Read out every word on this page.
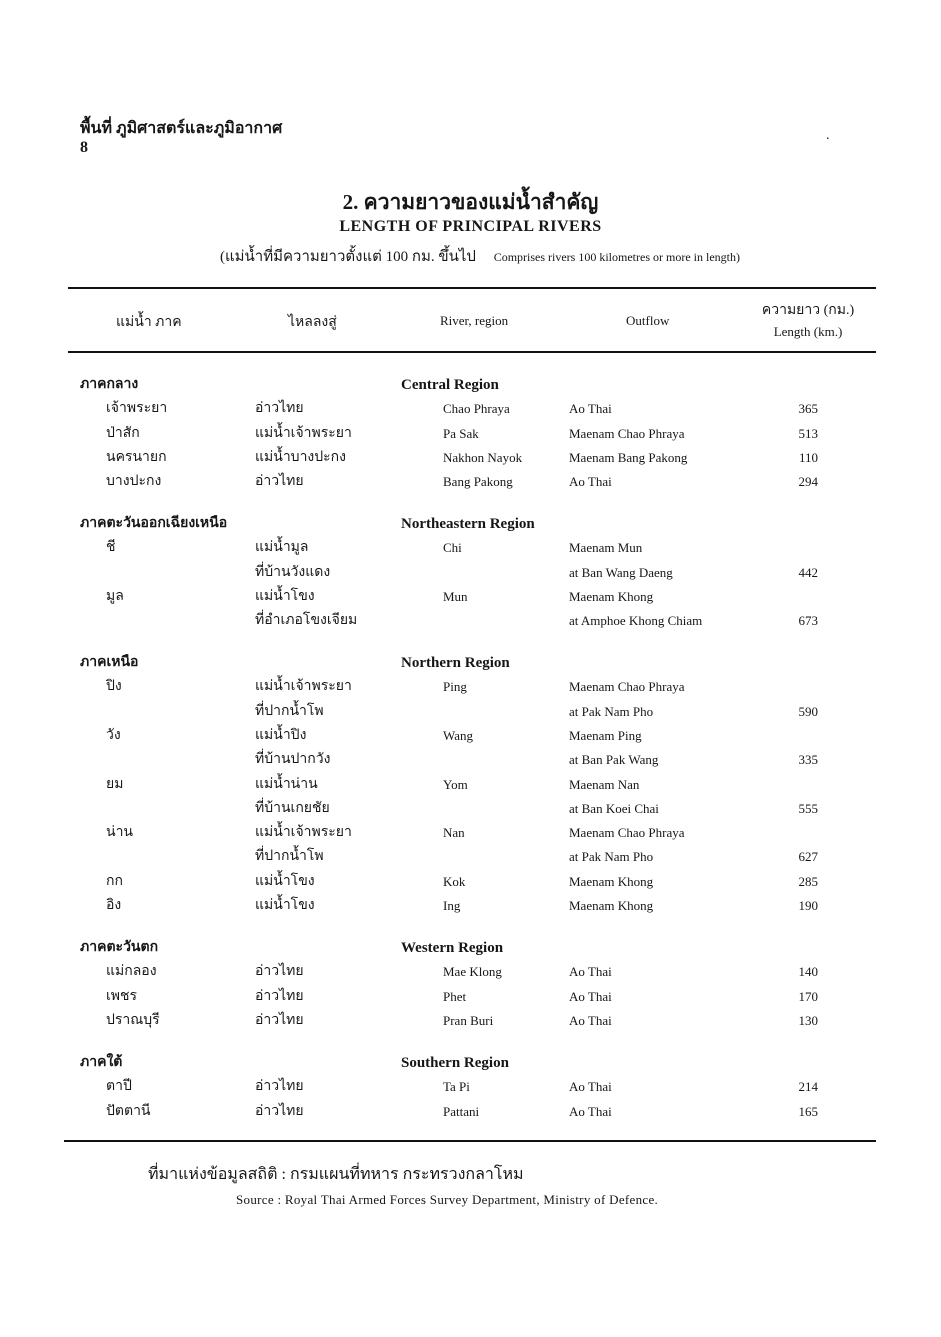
พื้นที่ ภูมิศาสตร์และภูมิอากาศ
8
.
2. ความยาวของแม่น้ำสำคัญ
LENGTH OF PRINCIPAL RIVERS
(แม่น้ำที่มีความยาวตั้งแต่ 100 กม. ขึ้นไป Comprises rivers 100 kilometres or more in length)
แม่น้ำ ภาค	ไหลลงสู่	River, region	Outflow
ความยาว (กม.)
Length (km.)
ภาคกลาง	Central Region
เจ้าพระยา	อ่าวไทย	Chao Phraya	Ao Thai	365
ป่าสัก	แม่น้ำเจ้าพระยา	Pa Sak	Maenam Chao Phraya	513
นครนายก	แม่น้ำบางปะกง	Nakhon Nayok	Maenam Bang Pakong	110
บางปะกง	อ่าวไทย	Bang Pakong	Ao Thai	294
ภาคตะวันออกเฉียงเหนือ	Northeastern Region
ชี	แม่น้ำมูล	Chi	Maenam Mun
ที่บ้านวังแดง	at Ban Wang Daeng	442
มูล	แม่น้ำโขง	Mun	Maenam Khong
ที่อำเภอโขงเจียม	at Amphoe Khong Chiam	673
ภาคเหนือ	Northern Region
ปิง	แม่น้ำเจ้าพระยา	Ping	Maenam Chao Phraya
ที่ปากน้ำโพ	at Pak Nam Pho	590
วัง	แม่น้ำปิง	Wang	Maenam Ping
ที่บ้านปากวัง	at Ban Pak Wang	335
ยม	แม่น้ำน่าน	Yom	Maenam Nan
ที่บ้านเกยชัย	at Ban Koei Chai	555
น่าน	แม่น้ำเจ้าพระยา	Nan	Maenam Chao Phraya
ที่ปากน้ำโพ	at Pak Nam Pho	627
กก	แม่น้ำโขง	Kok	Maenam Khong	285
อิง	แม่น้ำโขง	Ing	Maenam Khong	190
ภาคตะวันตก	Western Region
แม่กลอง	อ่าวไทย	Mae Klong	Ao Thai	140
เพชร	อ่าวไทย	Phet	Ao Thai	170
ปราณบุรี	อ่าวไทย	Pran Buri	Ao Thai	130
ภาคใต้	Southern Region
ตาปี	อ่าวไทย	Ta Pi	Ao Thai	214
ปัตตานี	อ่าวไทย	Pattani	Ao Thai	165
ที่มาแห่งข้อมูลสถิติ : กรมแผนที่ทหาร กระทรวงกลาโหม
Source : Royal Thai Armed Forces Survey Department, Ministry of Defence.
